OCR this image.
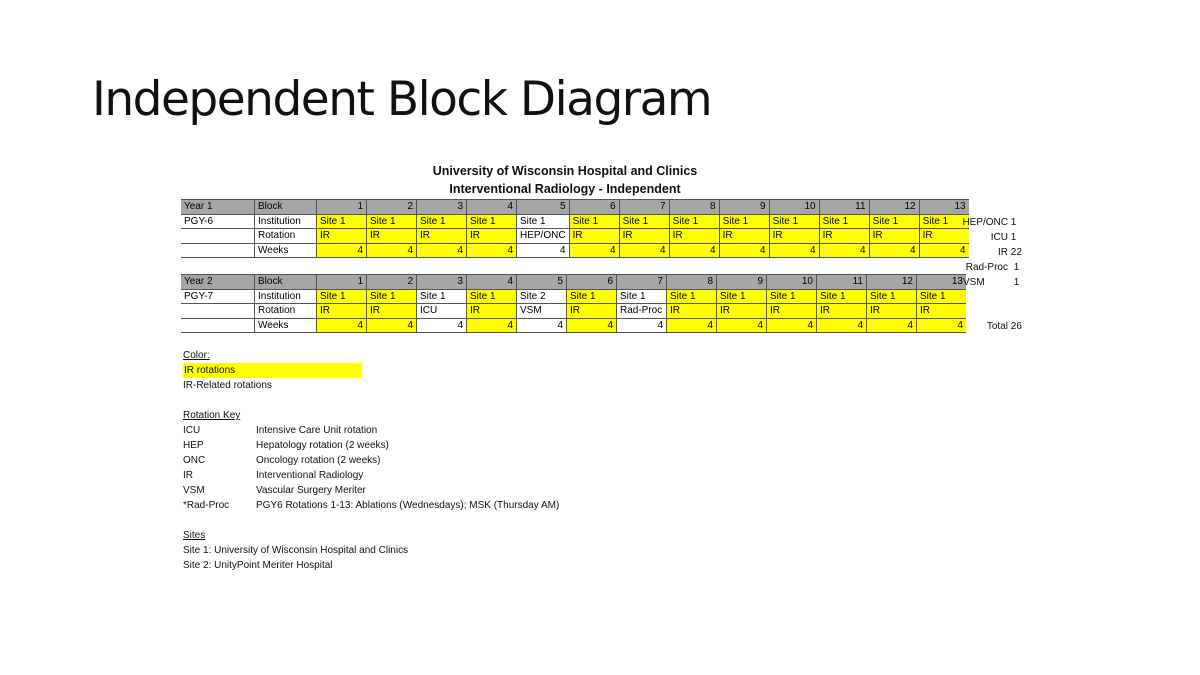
Independent Block Diagram
University of Wisconsin Hospital and Clinics
Interventional Radiology - Independent
Year 1	Block	1	2	3	4	5	6	7	8	9	10	11	12	13
PGY-6	Institution	Site 1	Site 1	Site 1	Site 1	Site 1	Site 1	Site 1	Site 1	Site 1	Site 1	Site 1	Site 1	Site 1
	Rotation	IR	IR	IR	IR	HEP/ONC	IR	IR	IR	IR	IR	IR	IR	IR
	Weeks	4	4	4	4	4	4	4	4	4	4	4	4	4
Year 2	Block	1	2	3	4	5	6	7	8	9	10	11	12	13
PGY-7	Institution	Site 1	Site 1	Site 1	Site 1	Site 2	Site 1	Site 1	Site 1	Site 1	Site 1	Site 1	Site 1	Site 1
	Rotation	IR	IR	ICU	IR	VSM	IR	Rad-Proc	IR	IR	IR	IR	IR	IR
	Weeks	4	4	4	4	4	4	4	4	4	4	4	4	4
HEP/ONC 1
ICU 1
IR 22
Rad-Proc 1
VSM	1
Total 26
Color:
IR rotations
IR-Related rotations
Rotation Key
ICU	Intensive Care Unit rotation
HEP	Hepatology rotation (2 weeks)
ONC	Oncology rotation (2 weeks)
IR	Interventional Radiology
VSM	Vascular Surgery Meriter
*Rad-Proc	PGY6 Rotations 1-13: Ablations (Wednesdays); MSK (Thursday AM)
Sites
Site 1: University of Wisconsin Hospital and Clinics
Site 2: UnityPoint Meriter Hospital
